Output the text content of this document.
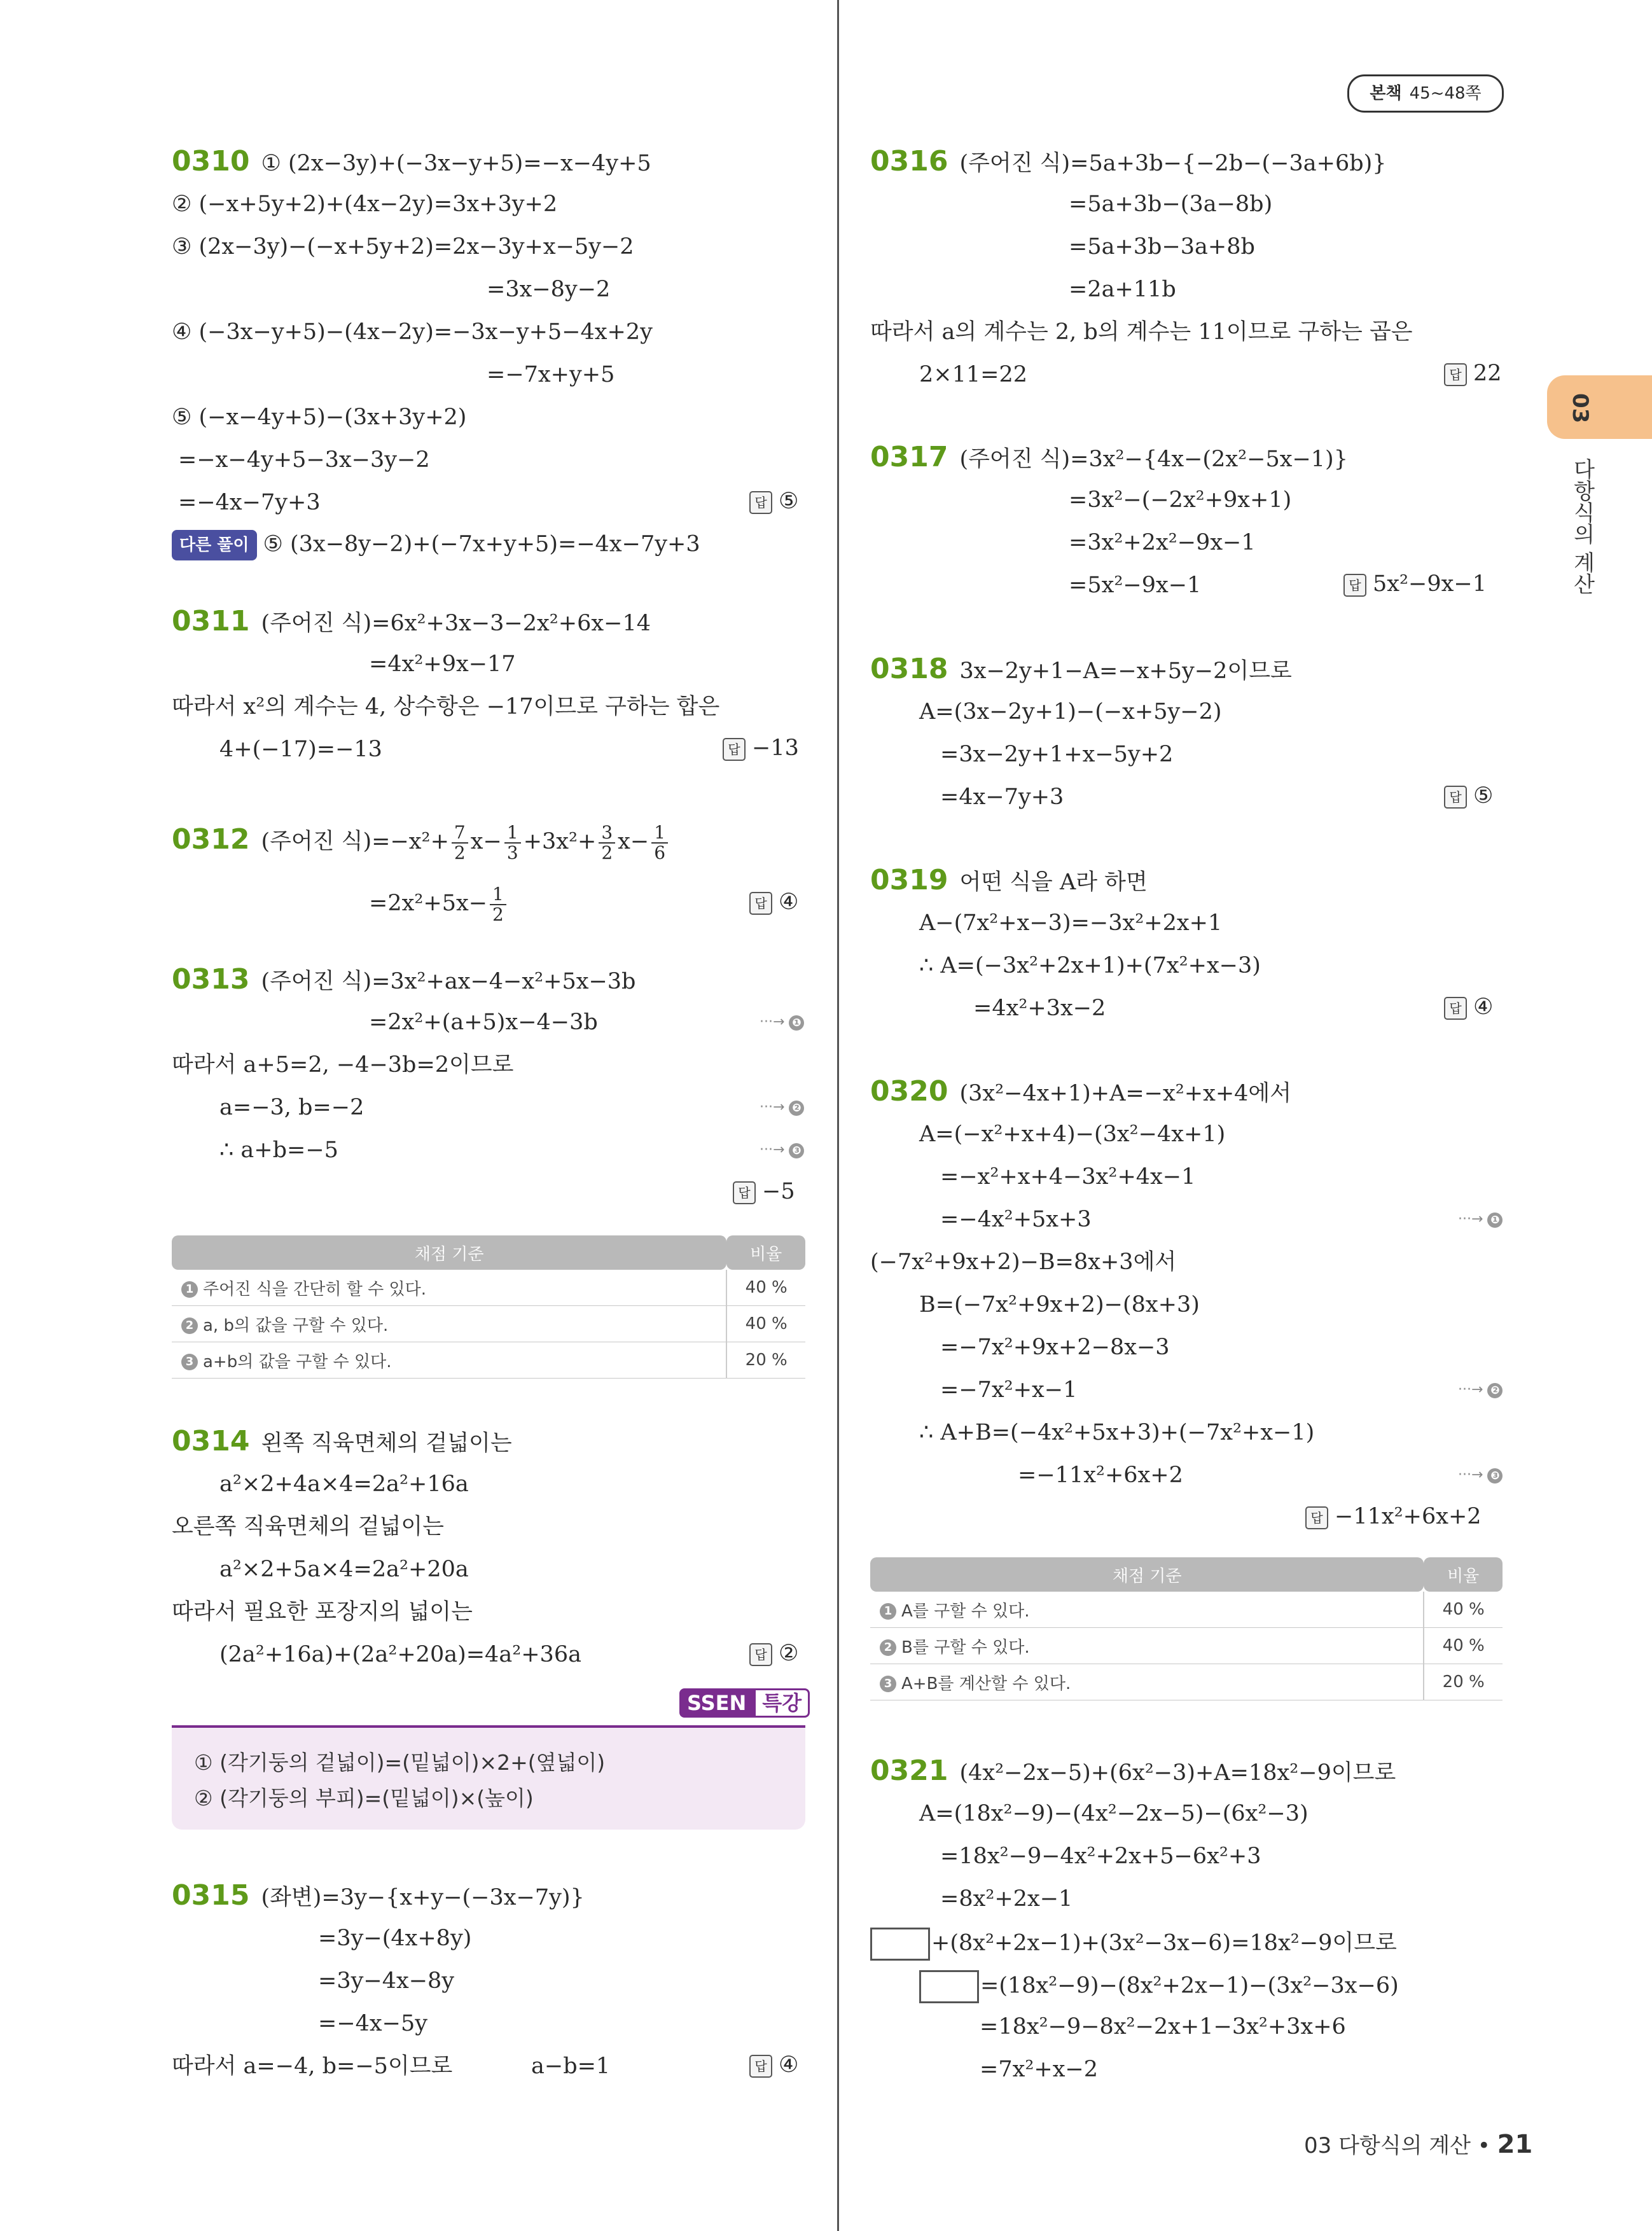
본책 45~48쪽
03
다항식의 계산
0310 ① (2x−3y)+(−3x−y+5)=−x−4y+5
② (−x+5y+2)+(4x−2y)=3x+3y+2
③ (2x−3y)−(−x+5y+2)=2x−3y+x−5y−2
=3x−8y−2
④ (−3x−y+5)−(4x−2y)=−3x−y+5−4x+2y
=−7x+y+5
⑤ (−x−4y+5)−(3x+3y+2)
=−x−4y+5−3x−3y−2
=−4x−7y+3	답 ⑤
다른 풀이 ⑤ (3x−8y−2)+(−7x+y+5)=−4x−7y+3
0311 (주어진 식)=6x²+3x−3−2x²+6x−14
=4x²+9x−17
따라서 x²의 계수는 4, 상수항은 −17이므로 구하는 합은
4+(−17)=−13	답 −13
0312 (주어진 식)$=-x^2+ \frac{7}{2} x- \frac{1}{3} +3x^2+ \frac{3}{2} x- \frac{1}{6}$
$=2x^2+5x- \frac{1}{2}$	답 ④
0313 (주어진 식)=3x²+ax−4−x²+5x−3b
=2x²+(a+5)x−4−3b	···→ ❶
따라서 a+5=2, −4−3b=2이므로
a=−3, b=−2	···→ ❷
∴ a+b=−5	···→ ❸
답 −5
채점 기준	비율
1 주어진 식을 간단히 할 수 있다.	40 %
2 a, b의 값을 구할 수 있다.	40 %
3 a+b의 값을 구할 수 있다.	20 %
0314 왼쪽 직육면체의 겉넓이는
a²×2+4a×4=2a²+16a
오른쪽 직육면체의 겉넓이는
a²×2+5a×4=2a²+20a
따라서 필요한 포장지의 넓이는
(2a²+16a)+(2a²+20a)=4a²+36a	답 ②
SSEN 특강
① (각기둥의 겉넓이)=(밑넓이)×2+(옆넓이)
② (각기둥의 부피)=(밑넓이)×(높이)
0315 (좌변)=3y−{x+y−(−3x−7y)}
=3y−(4x+8y)
=3y−4x−8y
=−4x−5y
따라서 a=−4, b=−5이므로	a−b=1	답 ④
0316 (주어진 식)=5a+3b−{−2b−(−3a+6b)}
=5a+3b−(3a−8b)
=5a+3b−3a+8b
=2a+11b
따라서 a의 계수는 2, b의 계수는 11이므로 구하는 곱은
2×11=22	답 22
0317 (주어진 식)=3x²−{4x−(2x²−5x−1)}
=3x²−(−2x²+9x+1)
=3x²+2x²−9x−1
=5x²−9x−1	답 5x²−9x−1
0318 3x−2y+1−A=−x+5y−2이므로
A=(3x−2y+1)−(−x+5y−2)
=3x−2y+1+x−5y+2
=4x−7y+3	답 ⑤
0319 어떤 식을 A라 하면
A−(7x²+x−3)=−3x²+2x+1
∴ A=(−3x²+2x+1)+(7x²+x−3)
=4x²+3x−2	답 ④
0320 (3x²−4x+1)+A=−x²+x+4에서
A=(−x²+x+4)−(3x²−4x+1)
=−x²+x+4−3x²+4x−1
=−4x²+5x+3	···→ ❶
(−7x²+9x+2)−B=8x+3에서
B=(−7x²+9x+2)−(8x+3)
=−7x²+9x+2−8x−3
=−7x²+x−1	···→ ❷
∴ A+B=(−4x²+5x+3)+(−7x²+x−1)
=−11x²+6x+2	···→ ❸
답 −11x²+6x+2
채점 기준	비율
1 A를 구할 수 있다.	40 %
2 B를 구할 수 있다.	40 %
3 A+B를 계산할 수 있다.	20 %
0321 (4x²−2x−5)+(6x²−3)+A=18x²−9이므로
A=(18x²−9)−(4x²−2x−5)−(6x²−3)
=18x²−9−4x²+2x+5−6x²+3
=8x²+2x−1
+(8x²+2x−1)+(3x²−3x−6)=18x²−9이므로
=(18x²−9)−(8x²+2x−1)−(3x²−3x−6)
=18x²−9−8x²−2x+1−3x²+3x+6
=7x²+x−2
03 다항식의 계산 • 21
